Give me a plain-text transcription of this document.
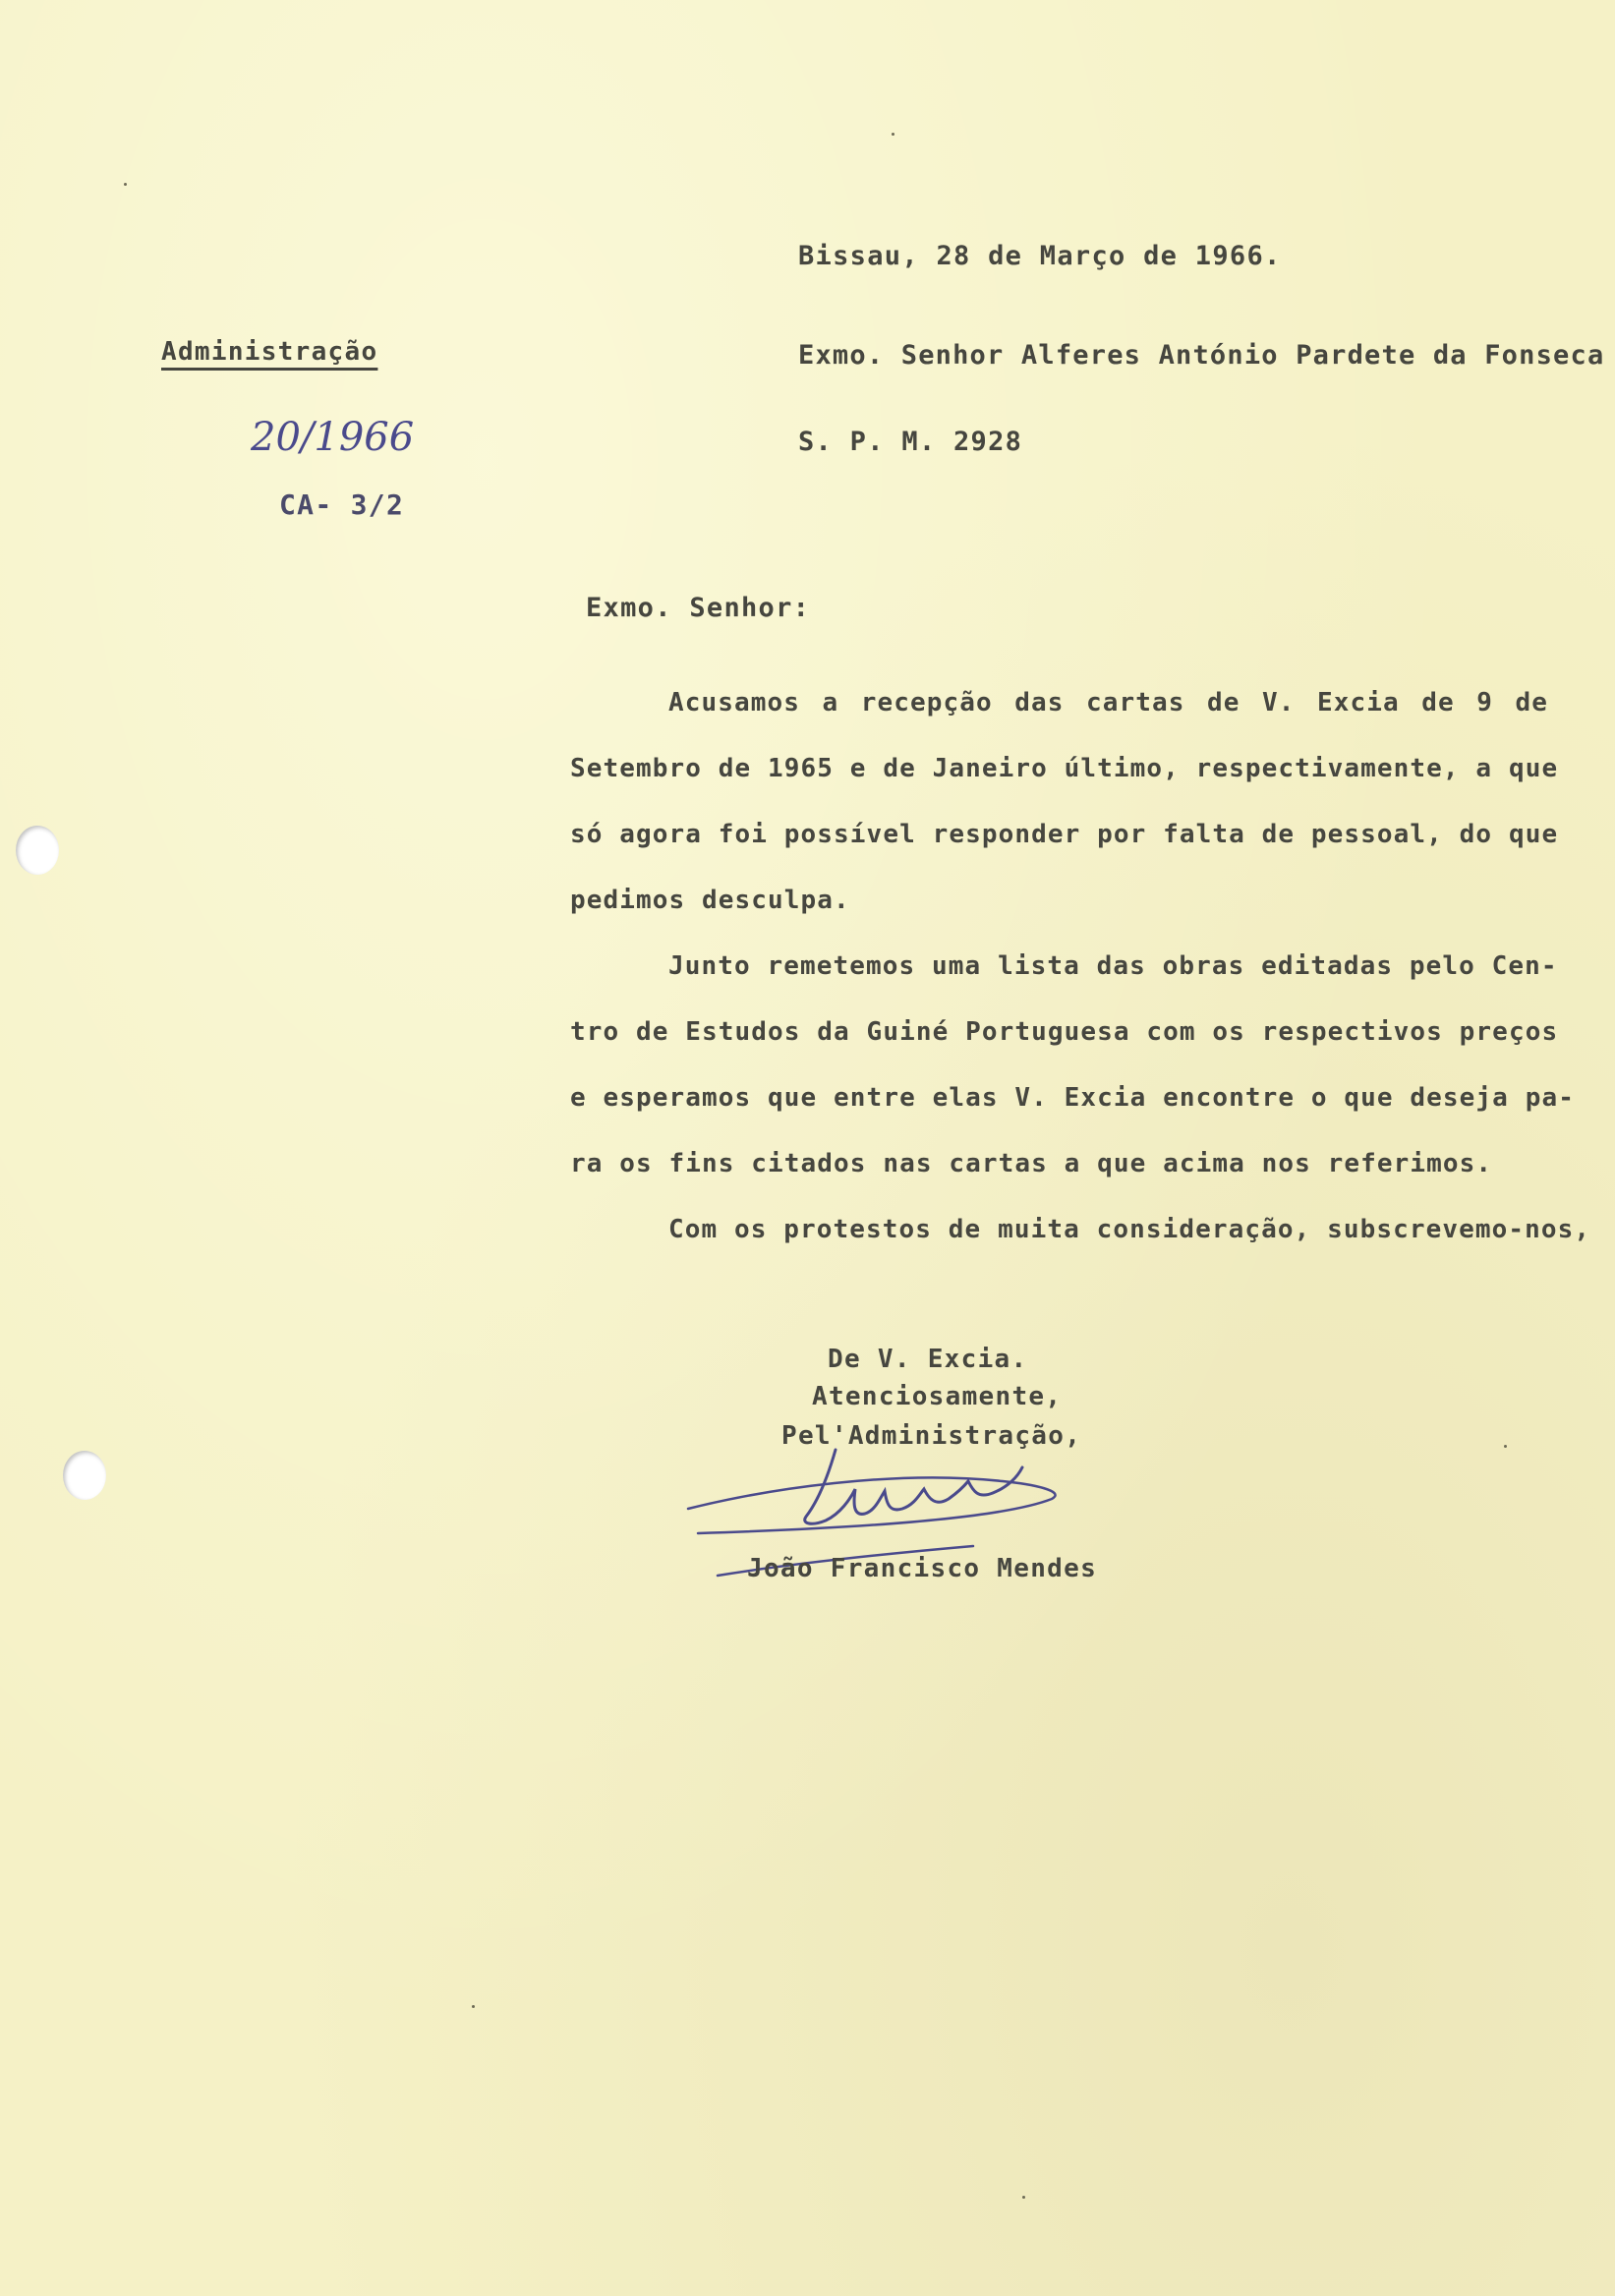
Bissau, 28 de Março de 1966.
Administração	Exmo. Senhor Alferes António Pardete da Fonseca
20/1966	S. P. M. 2928
CA- 3/2
Exmo. Senhor:
Acusamos a recepção das cartas de V. Excia de 9 de
Setembro de 1965 e de Janeiro último, respectivamente, a que
só agora foi possível responder por falta de pessoal, do que
pedimos desculpa.
Junto remetemos uma lista das obras editadas pelo Cen-
tro de Estudos da Guiné Portuguesa com os respectivos preços
e esperamos que entre elas V. Excia encontre o que deseja pa-
ra os fins citados nas cartas a que acima nos referimos.
Com os protestos de muita consideração, subscrevemo-nos,
De V. Excia.
Atenciosamente,
Pel'Administração,
João Francisco Mendes
